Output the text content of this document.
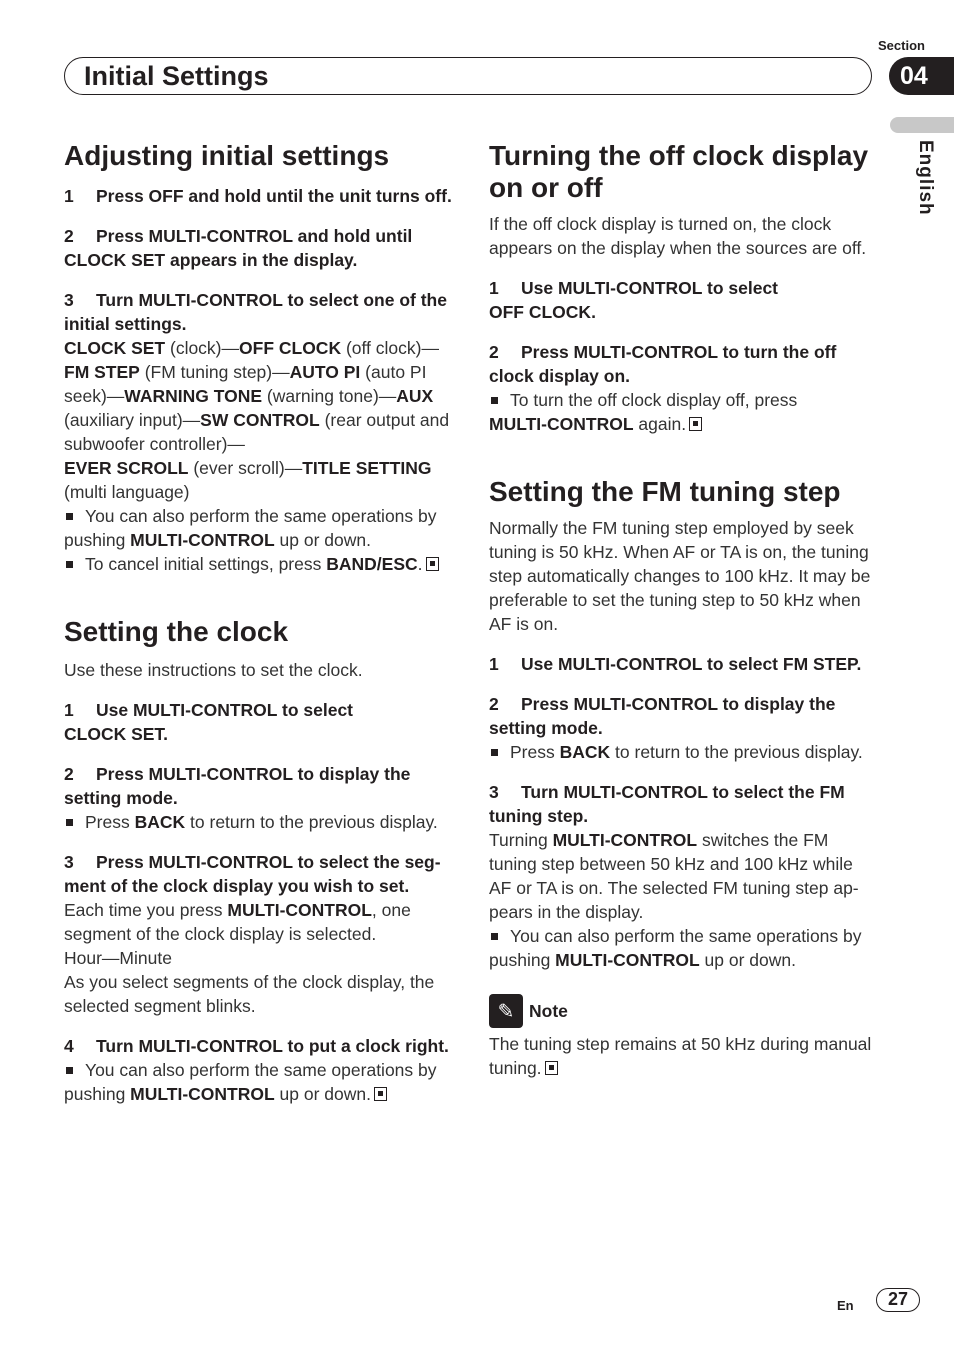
Section
Initial Settings	04
English
Adjusting initial settings

1 Press OFF and hold until the unit turns off.

2 Press MULTI-CONTROL and hold until CLOCK SET appears in the display.

3 Turn MULTI-CONTROL to select one of the initial settings.

CLOCK SET (clock)—OFF CLOCK (off clock)—
FM STEP (FM tuning step)—AUTO PI (auto PI seek)—WARNING TONE (warning tone)—AUX (auxiliary input)—SW CONTROL (rear output and subwoofer controller)—
EVER SCROLL (ever scroll)—TITLE SETTING (multi language)

You can also perform the same operations by pushing MULTI-CONTROL up or down.

To cancel initial settings, press BAND/ESC.

Setting the clock

Use these instructions to set the clock.

1 Use MULTI-CONTROL to select
CLOCK SET.

2 Press MULTI-CONTROL to display the setting mode.

Press BACK to return to the previous display.

3 Press MULTI-CONTROL to select the seg- ment of the clock display you wish to set.

Each time you press MULTI-CONTROL, one segment of the clock display is selected.

Hour—Minute

As you select segments of the clock display, the selected segment blinks.

4 Turn MULTI-CONTROL to put a clock right.

You can also perform the same operations by pushing MULTI-CONTROL up or down.

Turning the off clock display on or off

If the off clock display is turned on, the clock appears on the display when the sources are off.

1 Use MULTI-CONTROL to select
OFF CLOCK.

2 Press MULTI-CONTROL to turn the off clock display on.

To turn the off clock display off, press
MULTI-CONTROL again.

Setting the FM tuning step

Normally the FM tuning step employed by seek tuning is 50 kHz. When AF or TA is on, the tuning step automatically changes to 100 kHz. It may be preferable to set the tuning step to 50 kHz when AF is on.

1 Use MULTI-CONTROL to select FM STEP.

2 Press MULTI-CONTROL to display the setting mode.

Press BACK to return to the previous display.

3 Turn MULTI-CONTROL to select the FM tuning step.

Turning MULTI-CONTROL switches the FM tuning step between 50 kHz and 100 kHz while AF or TA is on. The selected FM tuning step ap- pears in the display.

You can also perform the same operations by pushing MULTI-CONTROL up or down.

✎ Note

The tuning step remains at 50 kHz during manual tuning.

En	27
